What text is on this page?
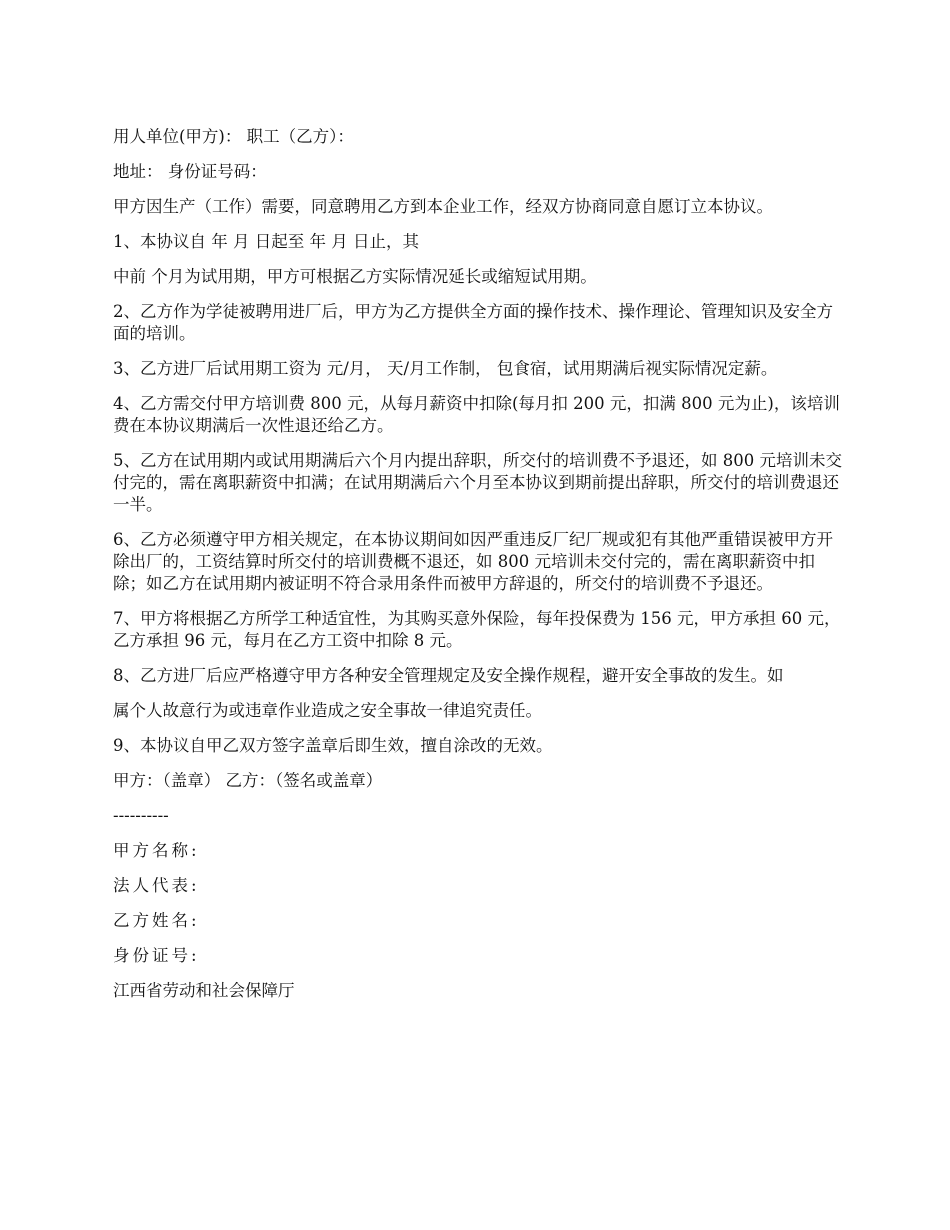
用人单位(甲方)： 职工（乙方）：

地址： 身份证号码：

甲方因生产（工作）需要，同意聘用乙方到本企业工作，经双方协商同意自愿订立本协议。

1、本协议自 年 月 日起至 年 月 日止，其

中前 个月为试用期，甲方可根据乙方实际情况延长或缩短试用期。

2、乙方作为学徒被聘用进厂后，甲方为乙方提供全方面的操作技术、操作理论、管理知识及安全方面的培训。

3、乙方进厂后试用期工资为 元/月， 天/月工作制， 包食宿，试用期满后视实际情况定薪。

4、乙方需交付甲方培训费 800 元，从每月薪资中扣除(每月扣 200 元，扣满 800 元为止)，该培训费在本协议期满后一次性退还给乙方。

5、乙方在试用期内或试用期满后六个月内提出辞职，所交付的培训费不予退还，如 800 元培训未交付完的，需在离职薪资中扣满；在试用期满后六个月至本协议到期前提出辞职，所交付的培训费退还一半。

6、乙方必须遵守甲方相关规定，在本协议期间如因严重违反厂纪厂规或犯有其他严重错误被甲方开除出厂的，工资结算时所交付的培训费概不退还，如 800 元培训未交付完的，需在离职薪资中扣除；如乙方在试用期内被证明不符合录用条件而被甲方辞退的，所交付的培训费不予退还。

7、甲方将根据乙方所学工种适宜性，为其购买意外保险，每年投保费为 156 元，甲方承担 60 元，乙方承担 96 元，每月在乙方工资中扣除 8 元。

8、乙方进厂后应严格遵守甲方各种安全管理规定及安全操作规程，避开安全事故的发生。如

属个人故意行为或违章作业造成之安全事故一律追究责任。

9、本协议自甲乙双方签字盖章后即生效，擅自涂改的无效。

甲方：（盖章） 乙方：（签名或盖章）

----------

甲方名称:

法人代表:

乙方姓名:

身份证号:

江西省劳动和社会保障厅
